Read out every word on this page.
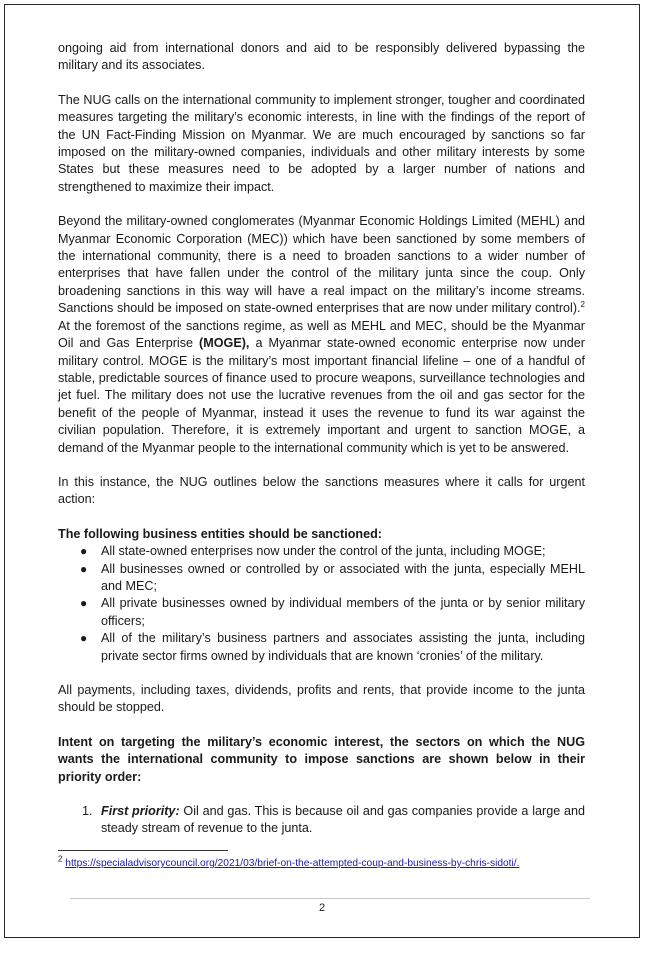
ongoing aid from international donors and aid to be responsibly delivered bypassing the military and its associates.

The NUG calls on the international community to implement stronger, tougher and coordinated measures targeting the military’s economic interests, in line with the findings of the report of the UN Fact-Finding Mission on Myanmar. We are much encouraged by sanctions so far imposed on the military-owned companies, individuals and other military interests by some States but these measures need to be adopted by a larger number of nations and strengthened to maximize their impact.

Beyond the military-owned conglomerates (Myanmar Economic Holdings Limited (MEHL) and Myanmar Economic Corporation (MEC)) which have been sanctioned by some members of the international community, there is a need to broaden sanctions to a wider number of enterprises that have fallen under the control of the military junta since the coup. Only broadening sanctions in this way will have a real impact on the military’s income streams. Sanctions should be imposed on state-owned enterprises that are now under military control).$^2$ At the foremost of the sanctions regime, as well as MEHL and MEC, should be the Myanmar Oil and Gas Enterprise (MOGE), a Myanmar state-owned economic enterprise now under military control. MOGE is the military’s most important financial lifeline – one of a handful of stable, predictable sources of finance used to procure weapons, surveillance technologies and jet fuel. The military does not use the lucrative revenues from the oil and gas sector for the benefit of the people of Myanmar, instead it uses the revenue to fund its war against the civilian population. Therefore, it is extremely important and urgent to sanction MOGE, a demand of the Myanmar people to the international community which is yet to be answered.

In this instance, the NUG outlines below the sanctions measures where it calls for urgent action:

The following business entities should be sanctioned:

● All state-owned enterprises now under the control of the junta, including MOGE;
● All businesses owned or controlled by or associated with the junta, especially MEHL and MEC;
● All private businesses owned by individual members of the junta or by senior military officers;
● All of the military’s business partners and associates assisting the junta, including private sector firms owned by individuals that are known ‘cronies’ of the military.

All payments, including taxes, dividends, profits and rents, that provide income to the junta should be stopped.

Intent on targeting the military’s economic interest, the sectors on which the NUG wants the international community to impose sanctions are shown below in their priority order:

1. First priority: Oil and gas. This is because oil and gas companies provide a large and steady stream of revenue to the junta.
$^2$ https://specialadvisorycouncil.org/2021/03/brief-on-the-attempted-coup-and-business-by-chris-sidoti/.
2
